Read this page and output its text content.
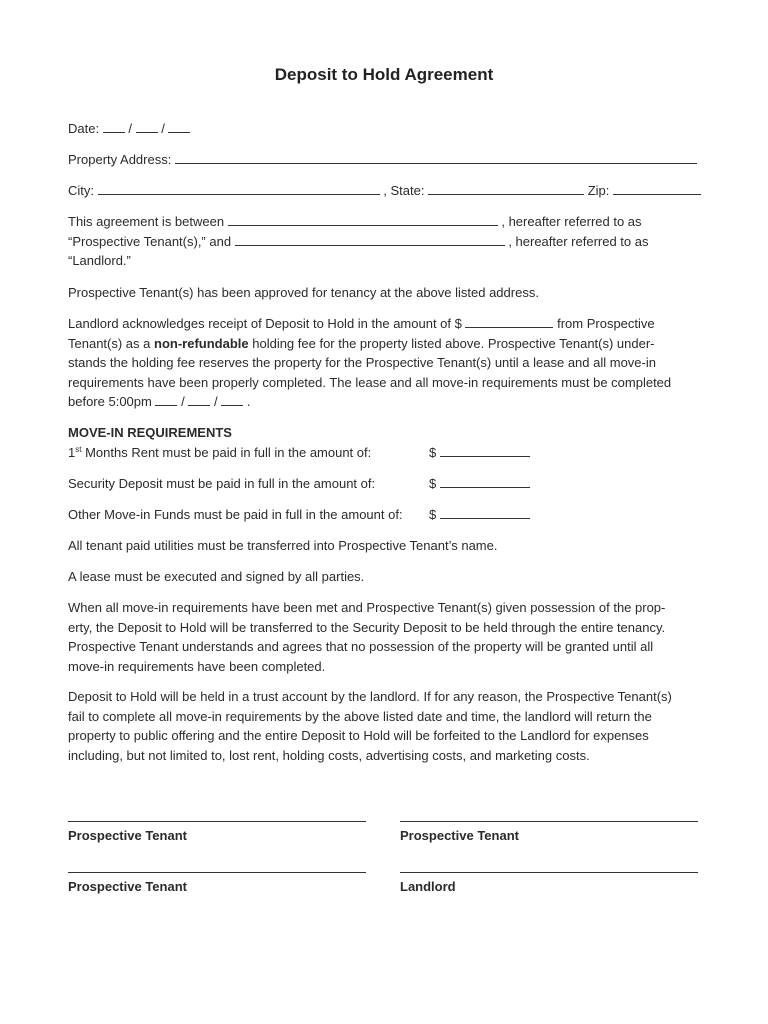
Deposit to Hold Agreement
Date: / /
Property Address:
City:	, State:	Zip:
This agreement is between	, hereafter referred to as
“Prospective Tenant(s),” and	, hereafter referred to as
“Landlord.”
Prospective Tenant(s) has been approved for tenancy at the above listed address.
Landlord acknowledges receipt of Deposit to Hold in the amount of $	from Prospective
Tenant(s) as a non-refundable holding fee for the property listed above. Prospective Tenant(s) under-
stands the holding fee reserves the property for the Prospective Tenant(s) until a lease and all move-in
requirements have been properly completed. The lease and all move-in requirements must be completed
before 5:00pm / / .
MOVE-IN REQUIREMENTS
1st Months Rent must be paid in full in the amount of:	$
Security Deposit must be paid in full in the amount of:	$
Other Move-in Funds must be paid in full in the amount of: $
All tenant paid utilities must be transferred into Prospective Tenant’s name.
A lease must be executed and signed by all parties.
When all move-in requirements have been met and Prospective Tenant(s) given possession of the prop-
erty, the Deposit to Hold will be transferred to the Security Deposit to be held through the entire tenancy.
Prospective Tenant understands and agrees that no possession of the property will be granted until all
move-in requirements have been completed.
Deposit to Hold will be held in a trust account by the landlord. If for any reason, the Prospective Tenant(s)
fail to complete all move-in requirements by the above listed date and time, the landlord will return the
property to public offering and the entire Deposit to Hold will be forfeited to the Landlord for expenses
including, but not limited to, lost rent, holding costs, advertising costs, and marketing costs.
Prospective Tenant	Prospective Tenant
Prospective Tenant	Landlord
